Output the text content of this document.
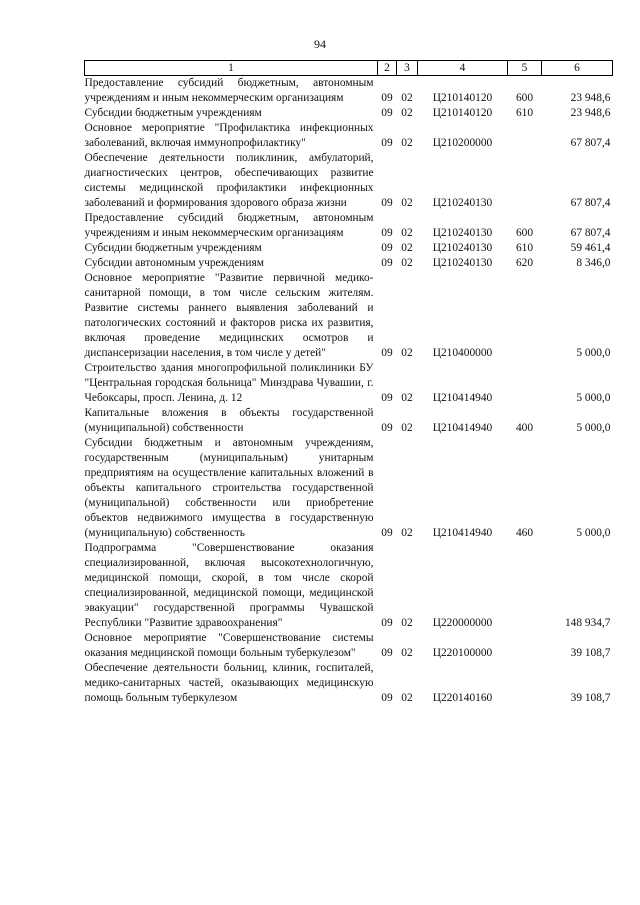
94
1	2	3	4	5	6
Предоставление субсидий бюджетным, автономным учреждениям и иным некоммерческим организациям	09	02	Ц210140120	600	23 948,6
Субсидии бюджетным учреждениям	09	02	Ц210140120	610	23 948,6
Основное мероприятие "Профилактика инфекционных заболеваний, включая иммунопрофилактику"	09	02	Ц210200000		67 807,4
Обеспечение деятельности поликлиник, амбулаторий, диагностических центров, обеспечивающих развитие системы медицинской профилактики инфекционных заболеваний и формирования здорового образа жизни	09	02	Ц210240130		67 807,4
Предоставление субсидий бюджетным, автономным учреждениям и иным некоммерческим организациям	09	02	Ц210240130	600	67 807,4
Субсидии бюджетным учреждениям	09	02	Ц210240130	610	59 461,4
Субсидии автономным учреждениям	09	02	Ц210240130	620	8 346,0
Основное мероприятие "Развитие первичной медико-санитарной помощи, в том числе сельским жителям. Развитие системы раннего выявления заболеваний и патологических состояний и факторов риска их развития, включая проведение медицинских осмотров и диспансеризации населения, в том числе у детей"	09	02	Ц210400000		5 000,0
Строительство здания многопрофильной поликлиники БУ "Центральная городская больница" Минздрава Чувашии, г. Чебоксары, просп. Ленина, д. 12	09	02	Ц210414940		5 000,0
Капитальные вложения в объекты государственной (муниципальной) собственности	09	02	Ц210414940	400	5 000,0
Субсидии бюджетным и автономным учреждениям, государственным (муниципальным) унитарным предприятиям на осуществление капитальных вложений в объекты капитального строительства государственной (муниципальной) собственности или приобретение объектов недвижимого имущества в государственную (муниципальную) собственность	09	02	Ц210414940	460	5 000,0
Подпрограмма "Совершенствование оказания специализированной, включая высокотехнологичную, медицинской помощи, скорой, в том числе скорой специализированной, медицинской помощи, медицинской эвакуации" государственной программы Чувашской Республики "Развитие здравоохранения"	09	02	Ц220000000		148 934,7
Основное мероприятие "Совершенствование системы оказания медицинской помощи больным туберкулезом"	09	02	Ц220100000		39 108,7
Обеспечение деятельности больниц, клиник, госпиталей, медико-санитарных частей, оказывающих медицинскую помощь больным туберкулезом	09	02	Ц220140160		39 108,7
